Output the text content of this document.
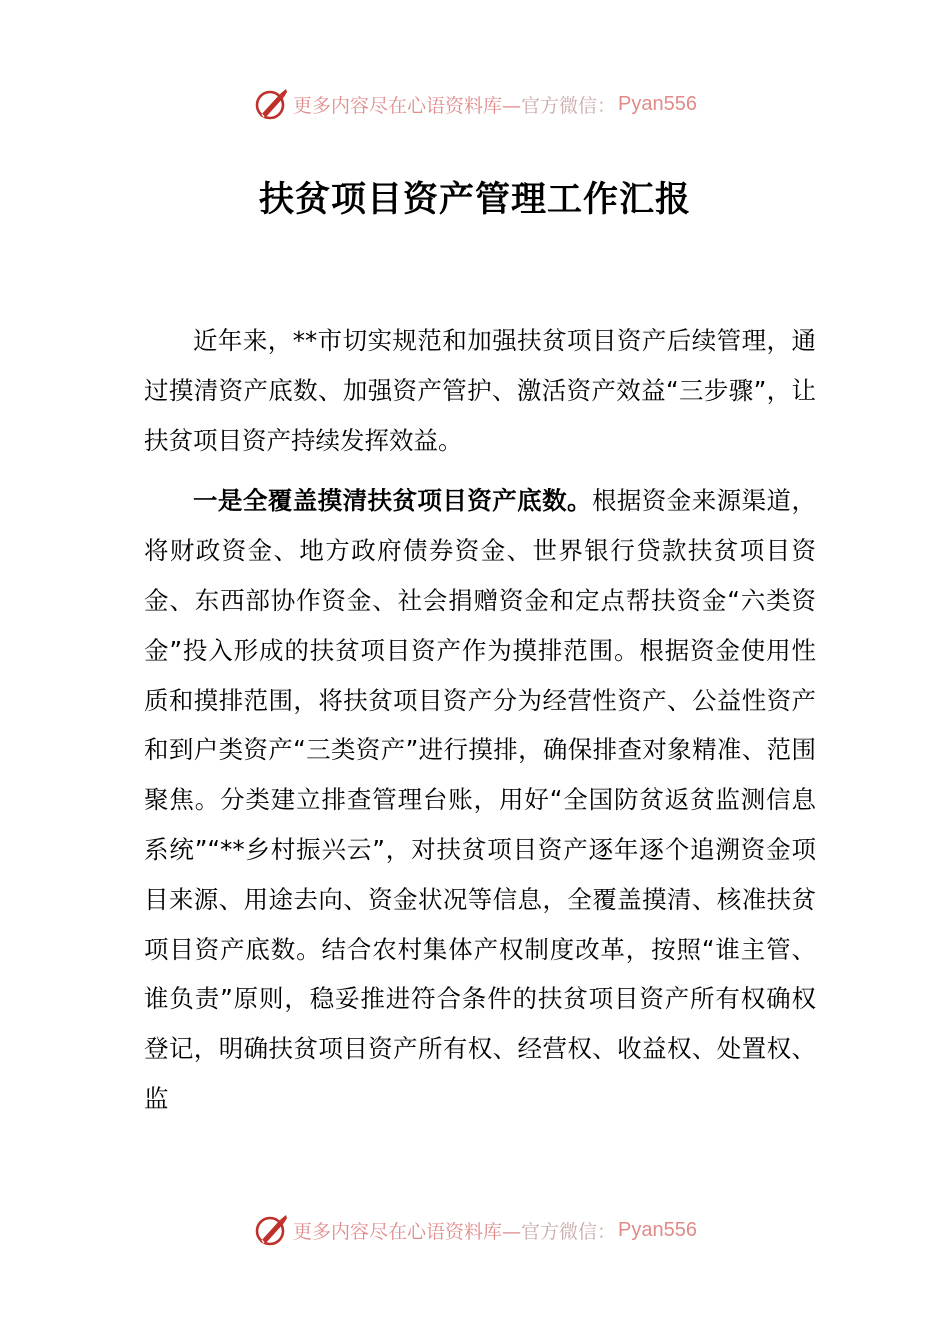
更多内容尽在心语资料库— 官方微信： Pyan556
扶贫项目资产管理工作汇报

近年来，**市切实规范和加强扶贫项目资产后续管理，通过摸清资产底数、加强资产管护、激活资产效益“三步骤”，让扶贫项目资产持续发挥效益。

一是全覆盖摸清扶贫项目资产底数。根据资金来源渠道，将财政资金、地方政府债券资金、世界银行贷款扶贫项目资金、东西部协作资金、社会捐赠资金和定点帮扶资金“六类资金”投入形成的扶贫项目资产作为摸排范围。根据资金使用性质和摸排范围，将扶贫项目资产分为经营性资产、公益性资产和到户类资产“三类资产”进行摸排，确保排查对象精准、范围聚焦。分类建立排查管理台账，用好“全国防贫返贫监测信息系统”“**乡村振兴云”，对扶贫项目资产逐年逐个追溯资金项目来源、用途去向、资金状况等信息，全覆盖摸清、核准扶贫项目资产底数。结合农村集体产权制度改革，按照“谁主管、谁负责”原则，稳妥推进符合条件的扶贫项目资产所有权确权登记，明确扶贫项目资产所有权、经营权、收益权、处置权、监

更多内容尽在心语资料库— 官方微信： Pyan556
